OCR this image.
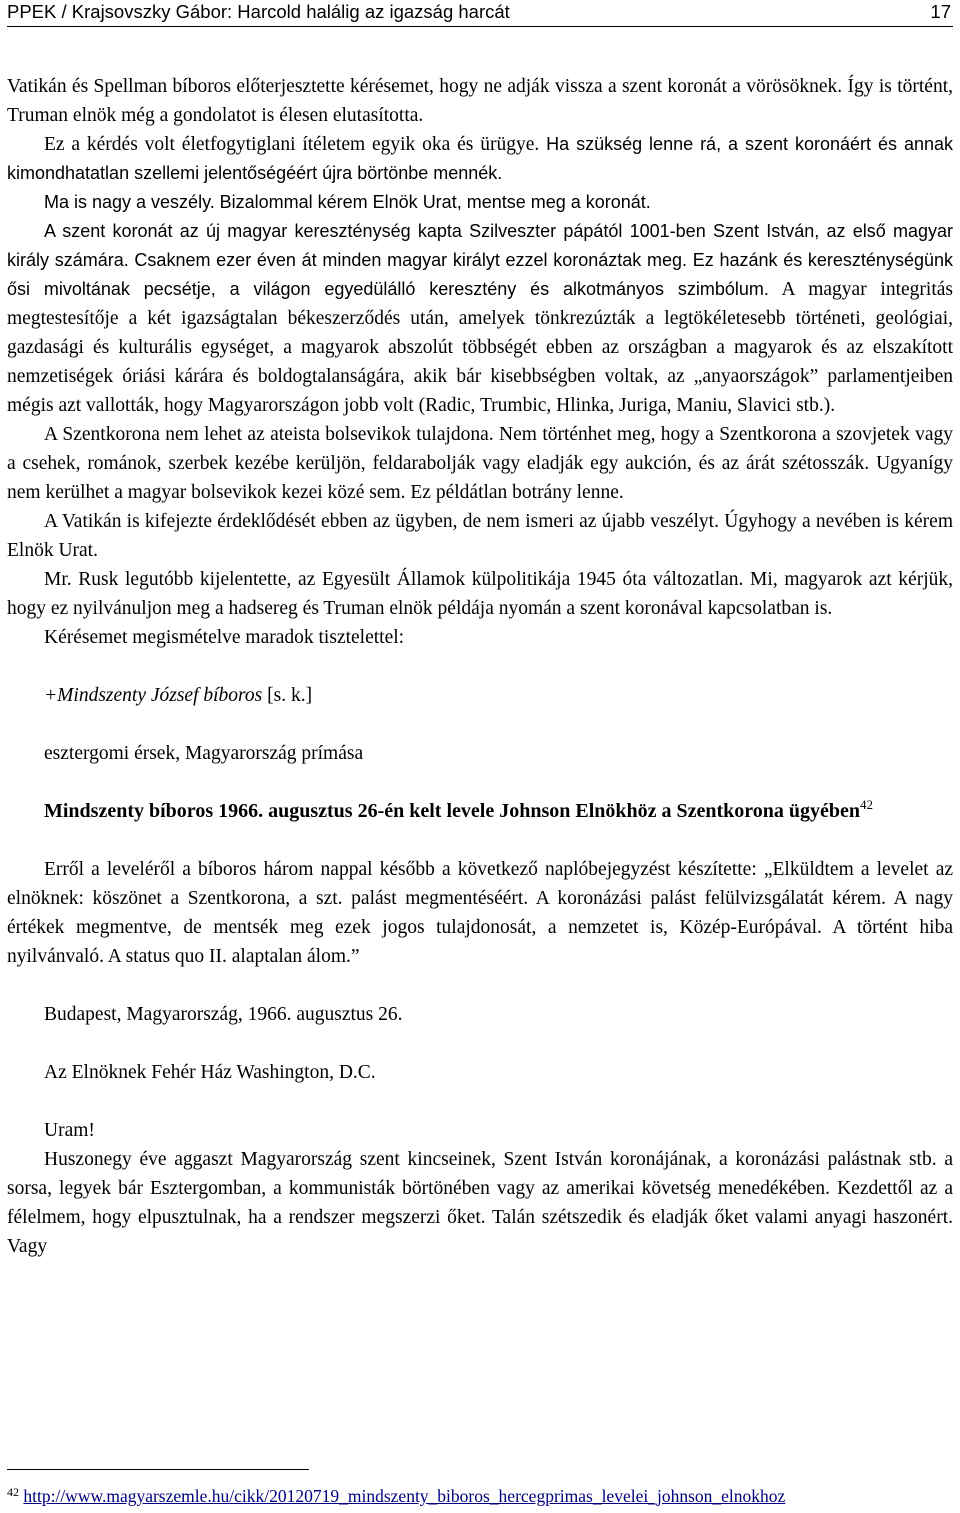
PPEK / Krajsovszky Gábor: Harcold halálig az igazság harcát	17

Vatikán és Spellman bíboros előterjesztette kérésemet, hogy ne adják vissza a szent koronát a vörösöknek. Így is történt, Truman elnök még a gondolatot is élesen elutasította.

Ez a kérdés volt életfogytiglani ítéletem egyik oka és ürügye. Ha szükség lenne rá, a szent koronáért és annak kimondhatatlan szellemi jelentőségéért újra börtönbe mennék.

Ma is nagy a veszély. Bizalommal kérem Elnök Urat, mentse meg a koronát.

A szent koronát az új magyar kereszténység kapta Szilveszter pápától 1001-ben Szent István, az első magyar király számára. Csaknem ezer éven át minden magyar királyt ezzel koronáztak meg. Ez hazánk és kereszténységünk ősi mivoltának pecsétje, a világon egyedülálló keresztény és alkotmányos szimbólum. A magyar integritás megtestesítője a két igazságtalan békeszerződés után, amelyek tönkrezúzták a legtökéletesebb történeti, geológiai, gazdasági és kulturális egységet, a magyarok abszolút többségét ebben az országban a magyarok és az elszakított nemzetiségek óriási kárára és boldogtalanságára, akik bár kisebbségben voltak, az „anyaországok” parlamentjeiben mégis azt vallották, hogy Magyarországon jobb volt (Radic, Trumbic, Hlinka, Juriga, Maniu, Slavici stb.).

A Szentkorona nem lehet az ateista bolsevikok tulajdona. Nem történhet meg, hogy a Szentkorona a szovjetek vagy a csehek, románok, szerbek kezébe kerüljön, feldarabolják vagy eladják egy aukción, és az árát szétosszák. Ugyanígy nem kerülhet a magyar bolsevikok kezei közé sem. Ez példátlan botrány lenne.

A Vatikán is kifejezte érdeklődését ebben az ügyben, de nem ismeri az újabb veszélyt. Úgyhogy a nevében is kérem Elnök Urat.

Mr. Rusk legutóbb kijelentette, az Egyesült Államok külpolitikája 1945 óta változatlan. Mi, magyarok azt kérjük, hogy ez nyilvánuljon meg a hadsereg és Truman elnök példája nyomán a szent koronával kapcsolatban is.

Kérésemet megismételve maradok tisztelettel:

+Mindszenty József bíboros [s. k.]

esztergomi érsek, Magyarország prímása

Mindszenty bíboros 1966. augusztus 26-én kelt levele Johnson Elnökhöz a Szentkorona ügyében$^{42}$

Erről a leveléről a bíboros három nappal később a következő naplóbejegyzést készítette: „Elküldtem a levelet az elnöknek: köszönet a Szentkorona, a szt. palást megmentéséért. A koronázási palást felülvizsgálatát kérem. A nagy értékek megmentve, de mentsék meg ezek jogos tulajdonosát, a nemzetet is, Közép-Európával. A történt hiba nyilvánvaló. A status quo II. alaptalan álom.”

Budapest, Magyarország, 1966. augusztus 26.

Az Elnöknek Fehér Ház Washington, D.C.

Uram!

Huszonegy éve aggaszt Magyarország szent kincseinek, Szent István koronájának, a koronázási palástnak stb. a sorsa, legyek bár Esztergomban, a kommunisták börtönében vagy az amerikai követség menedékében. Kezdettől az a félelmem, hogy elpusztulnak, ha a rendszer megszerzi őket. Talán szétszedik és eladják őket valami anyagi haszonért. Vagy

$^{42}$ http://www.magyarszemle.hu/cikk/20120719_mindszenty_biboros_hercegprimas_levelei_johnson_elnokhoz
